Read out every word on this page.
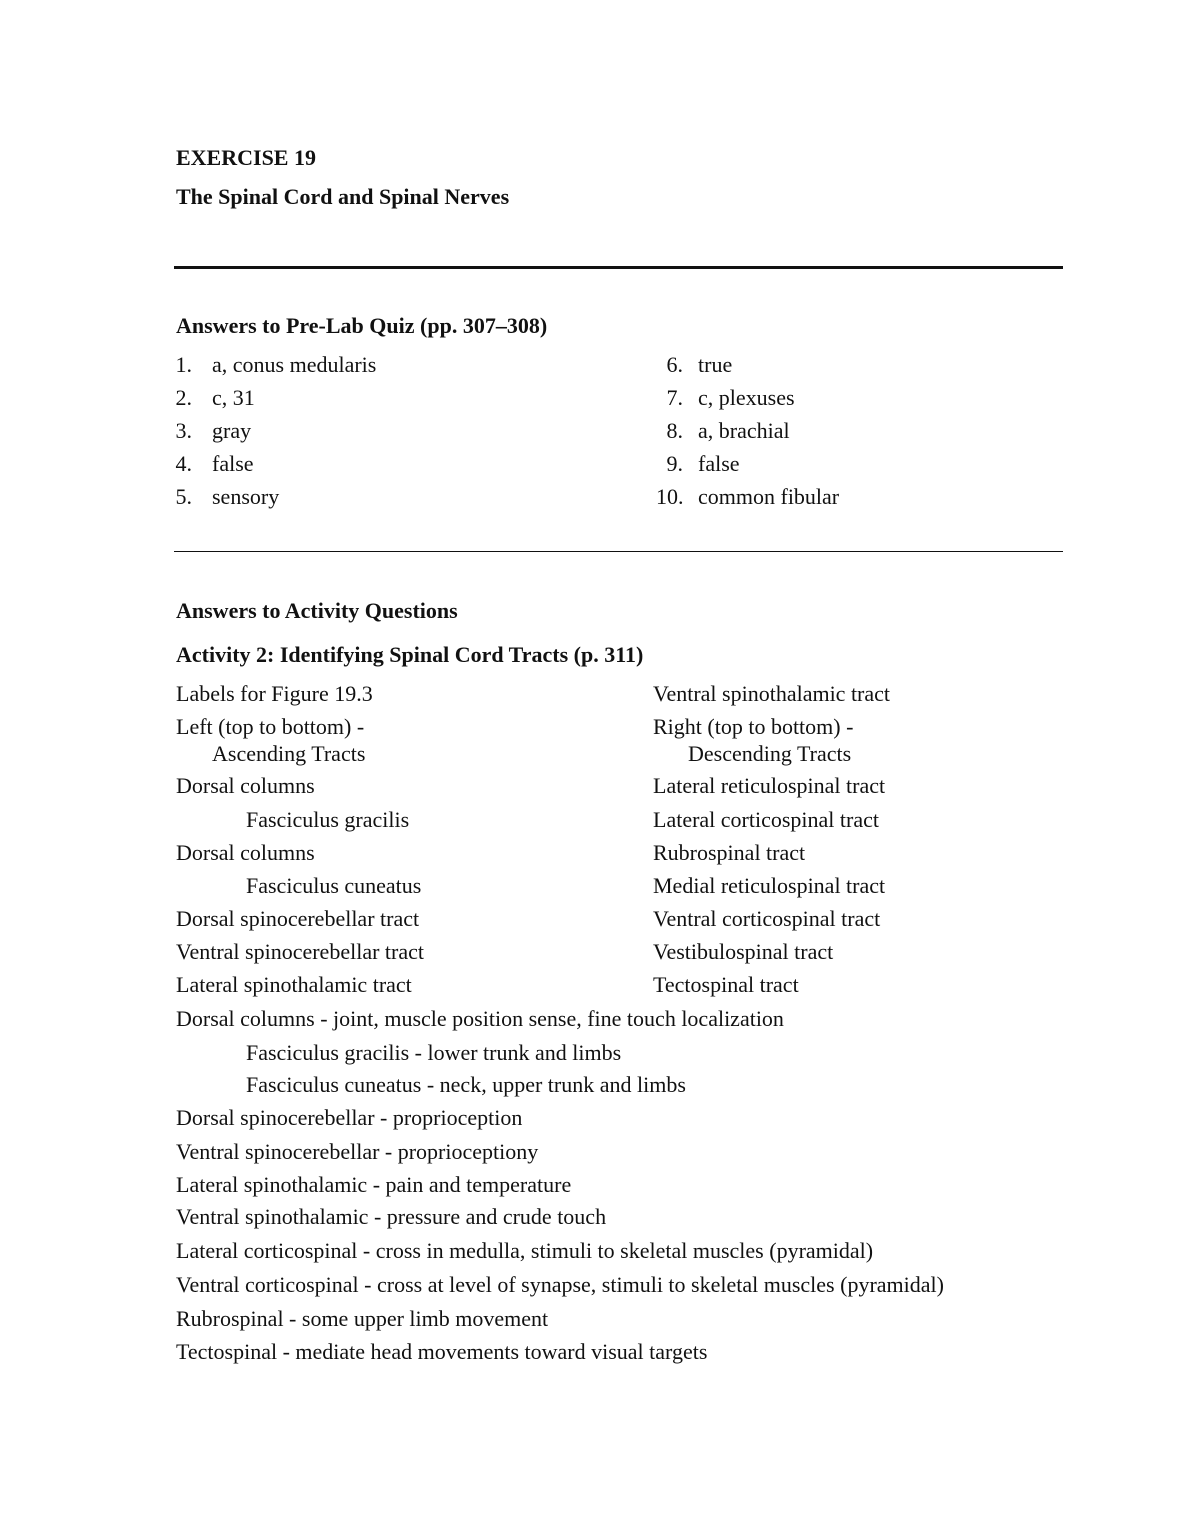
EXERCISE 19
The Spinal Cord and Spinal Nerves
Answers to Pre-Lab Quiz (pp. 307–308)
1. a, conus medularis
2. c, 31
3. gray
4. false
5. sensory
6. true
7. c, plexuses
8. a, brachial
9. false
10. common fibular
Answers to Activity Questions
Activity 2: Identifying Spinal Cord Tracts (p. 311)
Labels for Figure 19.3
Left (top to bottom) -
Ascending Tracts
Dorsal columns
Fasciculus gracilis
Dorsal columns
Fasciculus cuneatus
Dorsal spinocerebellar tract
Ventral spinocerebellar tract
Lateral spinothalamic tract
Ventral spinothalamic tract
Right (top to bottom) -
Descending Tracts
Lateral reticulospinal tract
Lateral corticospinal tract
Rubrospinal tract
Medial reticulospinal tract
Ventral corticospinal tract
Vestibulospinal tract
Tectospinal tract
Dorsal columns - joint, muscle position sense, fine touch localization
Fasciculus gracilis - lower trunk and limbs
Fasciculus cuneatus - neck, upper trunk and limbs
Dorsal spinocerebellar - proprioception
Ventral spinocerebellar - proprioceptiony
Lateral spinothalamic - pain and temperature
Ventral spinothalamic - pressure and crude touch
Lateral corticospinal - cross in medulla, stimuli to skeletal muscles (pyramidal)
Ventral corticospinal - cross at level of synapse, stimuli to skeletal muscles (pyramidal)
Rubrospinal - some upper limb movement
Tectospinal - mediate head movements toward visual targets
